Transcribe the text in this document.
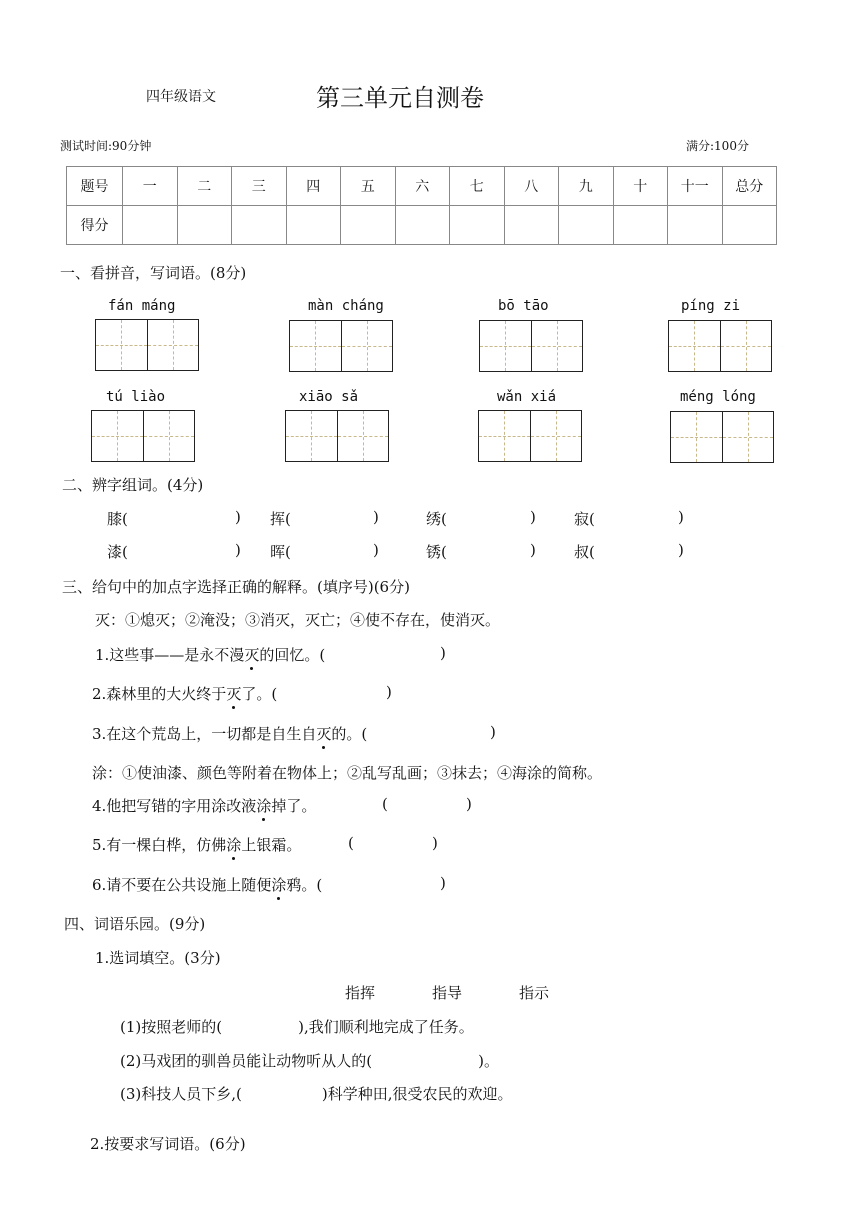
四年级语文	第三单元自测卷
测试时间:90分钟	满分:100分
题号	一	二	三	四	五	六	七	八	九	十	十一	总分
得分												
一、看拼音，写词语。(8分)
fán máng	màn cháng	bō tāo	píng zi
tú liào	xiāo sǎ	wǎn xiá	méng lóng
二、辨字组词。(4分)
膝(	) 挥(	)	绣(	)	寂(	)
漆(	) 晖(	)	锈(	)	叔(	)
三、给句中的加点字选择正确的解释。(填序号)(6分)
灭：①熄灭；②淹没；③消灭，灭亡；④使不存在，使消灭。
1.这些事——是永不漫灭的回忆。(	)
2.森林里的大火终于灭了。(	)
3.在这个荒岛上，一切都是自生自灭的。(	)
涂：①使油漆、颜色等附着在物体上；②乱写乱画；③抹去；④海涂的简称。
4.他把写错的字用涂改液涂掉了。	(	)
5.有一棵白桦，仿佛涂上银霜。	(	)
6.请不要在公共设施上随便涂鸦。(	)
四、词语乐园。(9分)
1.选词填空。(3分)
指挥	指导	指示
(1)按照老师的(	),我们顺利地完成了任务。
(2)马戏团的驯兽员能让动物听从人的(	)。
(3)科技人员下乡,(	)科学种田,很受农民的欢迎。
2.按要求写词语。(6分)
